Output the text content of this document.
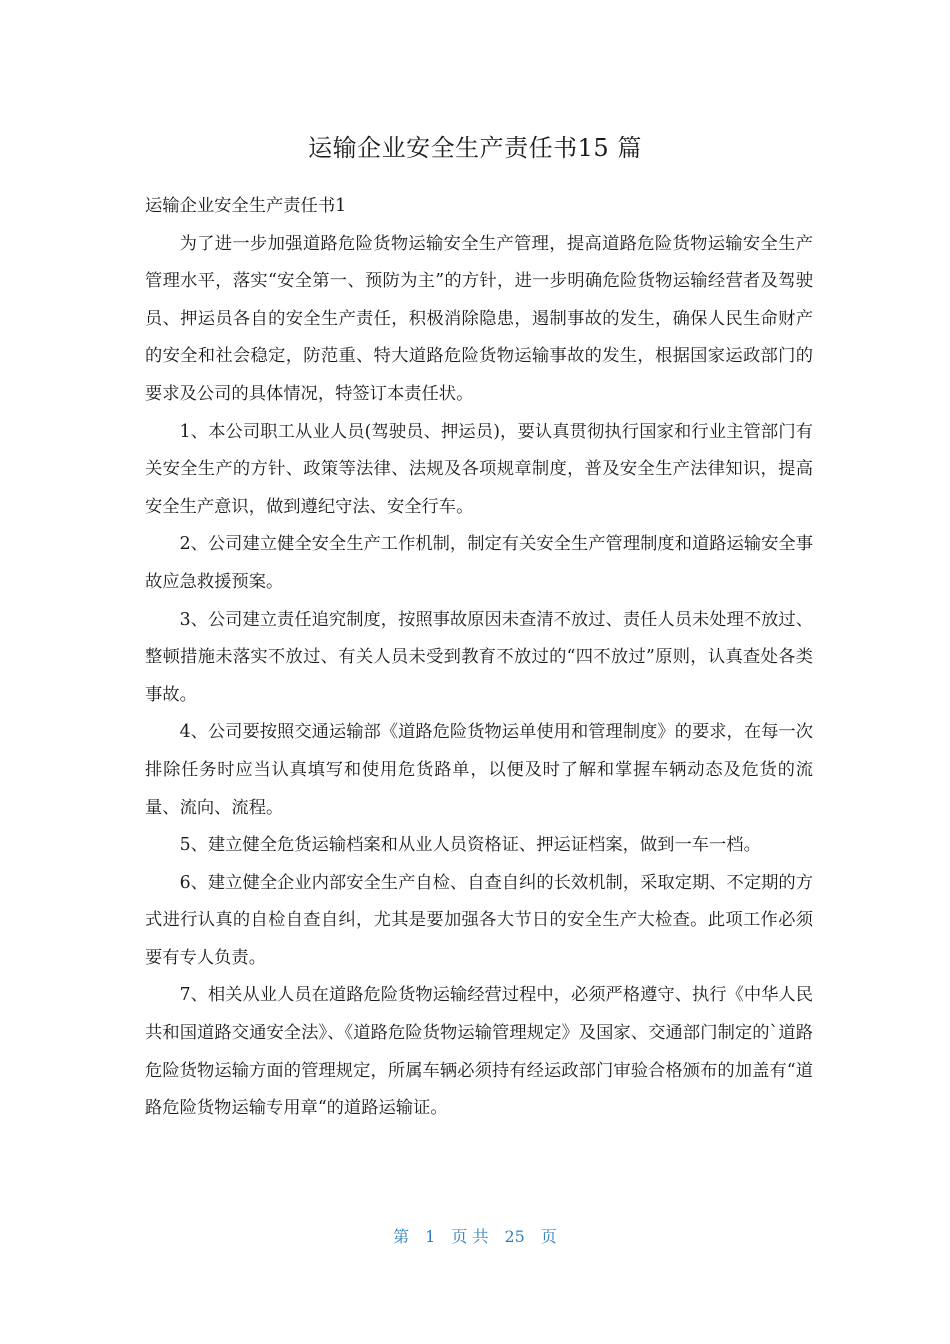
运输企业安全生产责任书15 篇

运输企业安全生产责任书1

为了进一步加强道路危险货物运输安全生产管理，提高道路危险货物运输安全生产管理水平，落实“安全第一、预防为主”的方针，进一步明确危险货物运输经营者及驾驶员、押运员各自的安全生产责任，积极消除隐患，遏制事故的发生，确保人民生命财产的安全和社会稳定，防范重、特大道路危险货物运输事故的发生，根据国家运政部门的要求及公司的具体情况，特签订本责任状。

1、本公司职工从业人员(驾驶员、押运员)，要认真贯彻执行国家和行业主管部门有关安全生产的方针、政策等法律、法规及各项规章制度，普及安全生产法律知识，提高安全生产意识，做到遵纪守法、安全行车。

2、公司建立健全安全生产工作机制，制定有关安全生产管理制度和道路运输安全事故应急救援预案。

3、公司建立责任追究制度，按照事故原因未查清不放过、责任人员未处理不放过、整顿措施未落实不放过、有关人员未受到教育不放过的“四不放过”原则，认真查处各类事故。

4、公司要按照交通运输部《道路危险货物运单使用和管理制度》的要求，在每一次排除任务时应当认真填写和使用危货路单，以便及时了解和掌握车辆动态及危货的流量、流向、流程。

5、建立健全危货运输档案和从业人员资格证、押运证档案，做到一车一档。

6、建立健全企业内部安全生产自检、自查自纠的长效机制，采取定期、不定期的方式进行认真的自检自查自纠，尤其是要加强各大节日的安全生产大检查。此项工作必须要有专人负责。

7、相关从业人员在道路危险货物运输经营过程中，必须严格遵守、执行《中华人民共和国道路交通安全法》、《道路危险货物运输管理规定》及国家、交通部门制定的`道路危险货物运输方面的管理规定，所属车辆必须持有经运政部门审验合格颁布的加盖有“道路危险货物运输专用章“的道路运输证。

第　1　页 共　25　页
